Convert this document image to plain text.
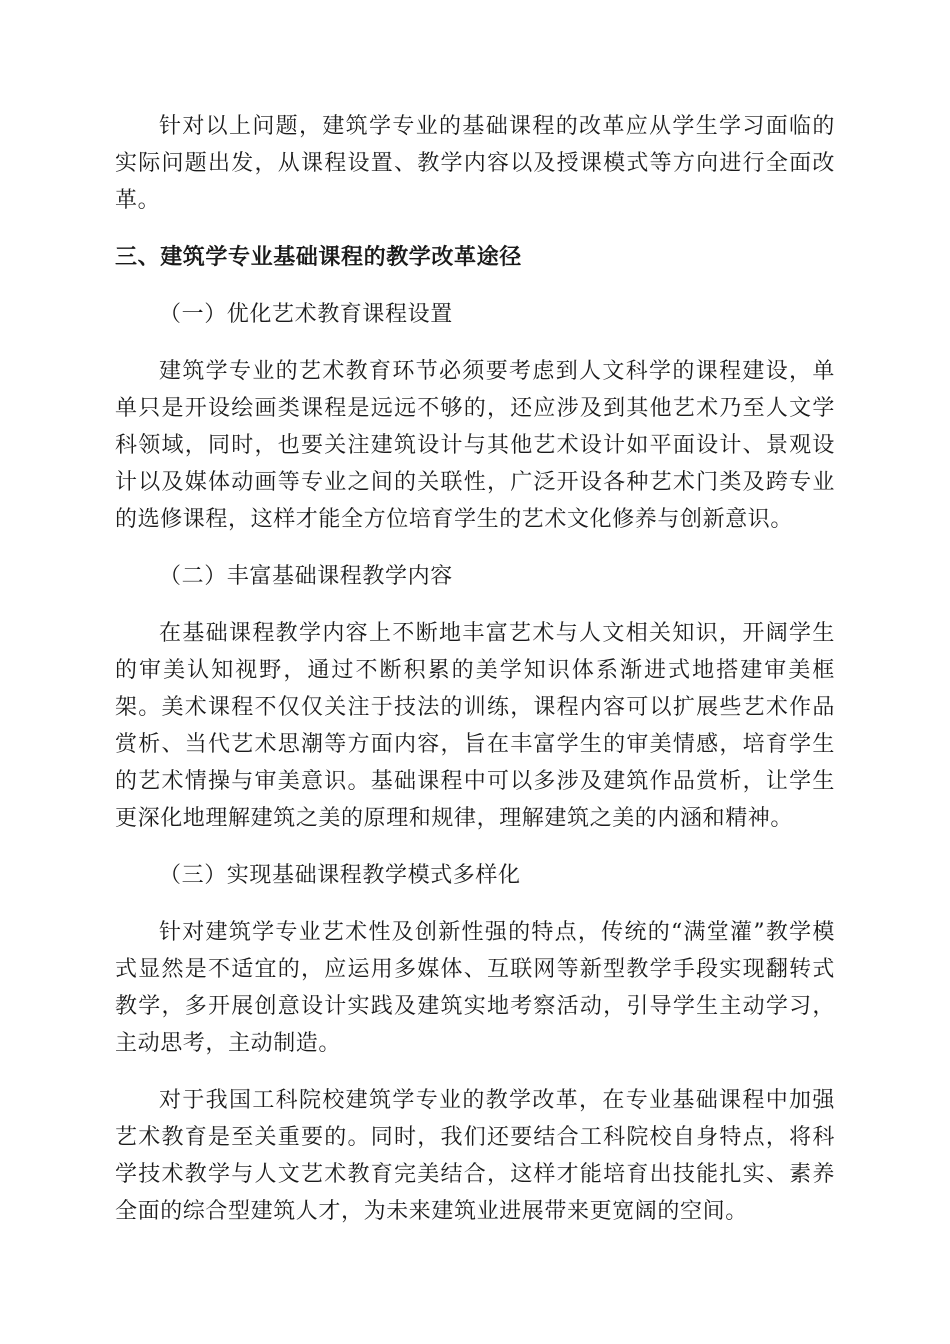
针对以上问题，建筑学专业的基础课程的改革应从学生学习面临的实际问题出发，从课程设置、教学内容以及授课模式等方向进行全面改革。

三、建筑学专业基础课程的教学改革途径
（一）优化艺术教育课程设置

建筑学专业的艺术教育环节必须要考虑到人文科学的课程建设，单单只是开设绘画类课程是远远不够的，还应涉及到其他艺术乃至人文学科领域，同时，也要关注建筑设计与其他艺术设计如平面设计、景观设计以及媒体动画等专业之间的关联性，广泛开设各种艺术门类及跨专业的选修课程，这样才能全方位培育学生的艺术文化修养与创新意识。

（二）丰富基础课程教学内容

在基础课程教学内容上不断地丰富艺术与人文相关知识，开阔学生的审美认知视野，通过不断积累的美学知识体系渐进式地搭建审美框架。美术课程不仅仅关注于技法的训练，课程内容可以扩展些艺术作品赏析、当代艺术思潮等方面内容，旨在丰富学生的审美情感，培育学生的艺术情操与审美意识。基础课程中可以多涉及建筑作品赏析，让学生更深化地理解建筑之美的原理和规律，理解建筑之美的内涵和精神。

（三）实现基础课程教学模式多样化

针对建筑学专业艺术性及创新性强的特点，传统的“满堂灌”教学模式显然是不适宜的，应运用多媒体、互联网等新型教学手段实现翻转式教学，多开展创意设计实践及建筑实地考察活动，引导学生主动学习，主动思考，主动制造。

对于我国工科院校建筑学专业的教学改革，在专业基础课程中加强艺术教育是至关重要的。同时，我们还要结合工科院校自身特点，将科学技术教学与人文艺术教育完美结合，这样才能培育出技能扎实、素养全面的综合型建筑人才，为未来建筑业进展带来更宽阔的空间。
